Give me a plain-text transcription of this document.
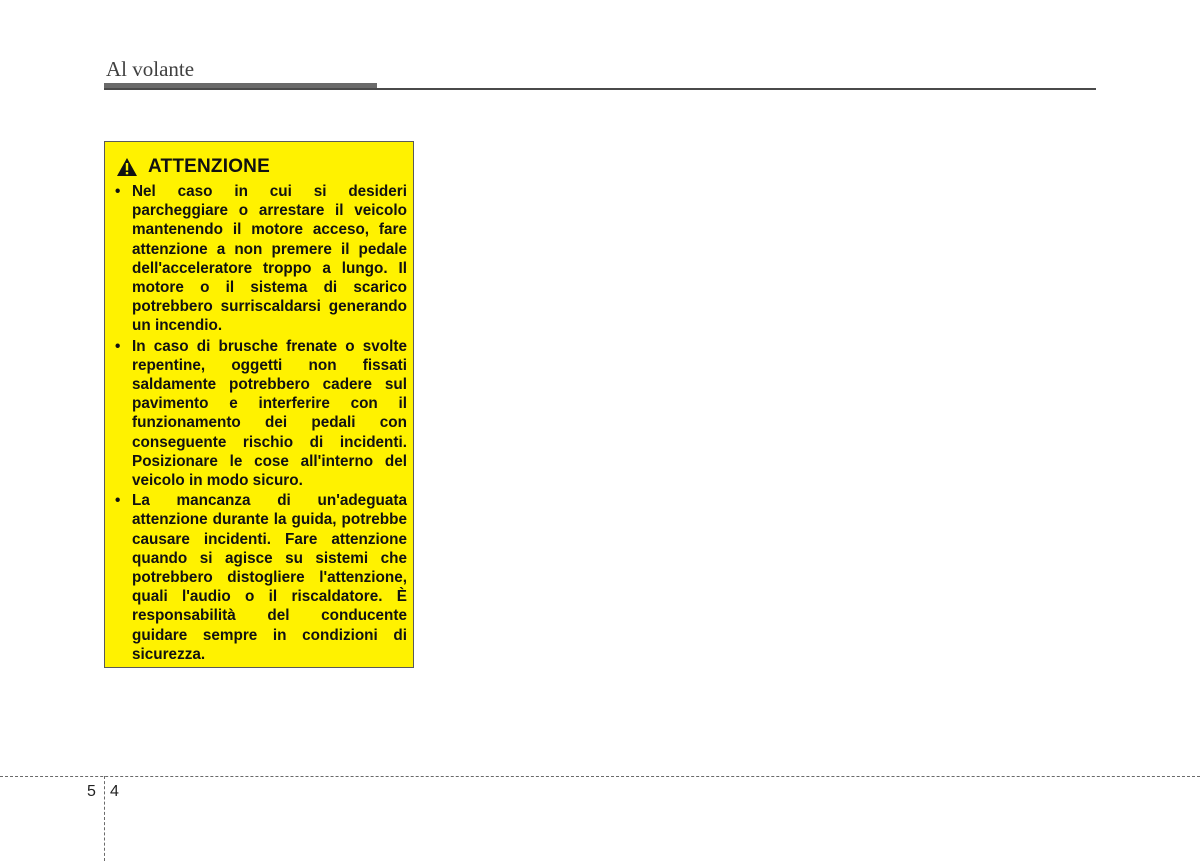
Al volante
ATTENZIONE
• Nel caso in cui si desideri parcheggiare o arrestare il veicolo mantenendo il motore acceso, fare attenzione a non premere il pedale dell'acceleratore troppo a lungo. Il motore o il sistema di scarico potrebbero surriscaldarsi generando un incendio.
• In caso di brusche frenate o svolte repentine, oggetti non fissati saldamente potrebbero cadere sul pavimento e interferire con il funzionamento dei pedali con conseguente rischio di incidenti. Posizionare le cose all'interno del veicolo in modo sicuro.
• La mancanza di un'adeguata attenzione durante la guida, potrebbe causare incidenti. Fare attenzione quando si agisce su sistemi che potrebbero distogliere l'attenzione, quali l'audio o il riscaldatore. È responsabilità del conducente guidare sempre in condizioni di sicurezza.
5 4
